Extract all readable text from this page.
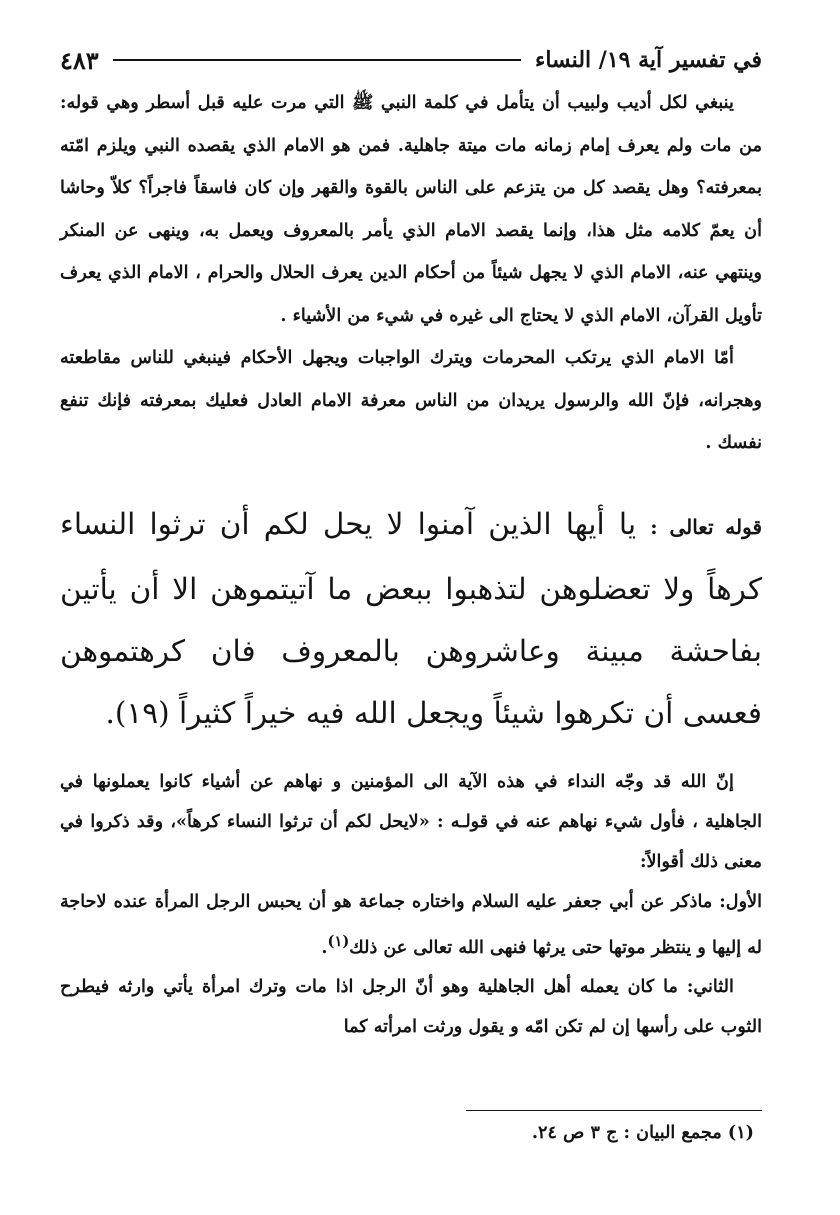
في تفسير آية ١٩/ النساء
٤٨٣

ينبغي لكل أديب ولبيب أن يتأمل في كلمة النبي ﷺ التي مرت عليه قبل أسطر وهي قوله: من مات ولم يعرف إمام زمانه مات ميتة جاهلية. فمن هو الامام الذي يقصده النبي ويلزم امّته بمعرفته؟ وهل يقصد كل من يتزعم على الناس بالقوة والقهر وإن كان فاسقاً فاجراً؟ كلاّ وحاشا أن يعمّ كلامه مثل هذا، وإنما يقصد الامام الذي يأمر بالمعروف ويعمل به، وينهى عن المنكر وينتهي عنه، الامام الذي لا يجهل شيئاً من أحكام الدين يعرف الحلال والحرام ، الامام الذي يعرف تأويل القرآن، الامام الذي لا يحتاج الى غيره في شيء من الأشياء .

أمّا الامام الذي يرتكب المحرمات ويترك الواجبات ويجهل الأحكام فينبغي للناس مقاطعته وهجرانه، فإنّ الله والرسول يريدان من الناس معرفة الامام العادل فعليك بمعرفته فإنك تنفع نفسك .

قوله تعالى : يا أيها الذين آمنوا لا يحل لكم أن ترثوا النساء كرهاً ولا تعضلوهن لتذهبوا ببعض ما آتيتموهن الا أن يأتين بفاحشة مبينة وعاشروهن بالمعروف فان كرهتموهن فعسى أن تكرهوا شيئاً ويجعل الله فيه خيراً كثيراً (١٩).

إنّ الله قد وجّه النداء في هذه الآية الى المؤمنين و نهاهم عن أشياء كانوا يعملونها في الجاهلية ، فأول شيء نهاهم عنه في قولـه : «لايحل لكم أن ترثوا النساء كرهاً»، وقد ذكروا في معنى ذلك أقوالاً:

الأول: ماذكر عن أبي جعفر عليه السلام واختاره جماعة هو أن يحبس الرجل المرأة عنده لاحاجة له إليها و ينتظر موتها حتى يرثها فنهى الله تعالى عن ذلك$^{(١)}$.

الثاني: ما كان يعمله أهل الجاهلية وهو أنّ الرجل اذا مات وترك امرأة يأتي وارثه فيطرح الثوب على رأسها إن لم تكن امّه و يقول ورثت امرأته كما

(١) مجمع البيان : ج ٣ ص ٢٤.
